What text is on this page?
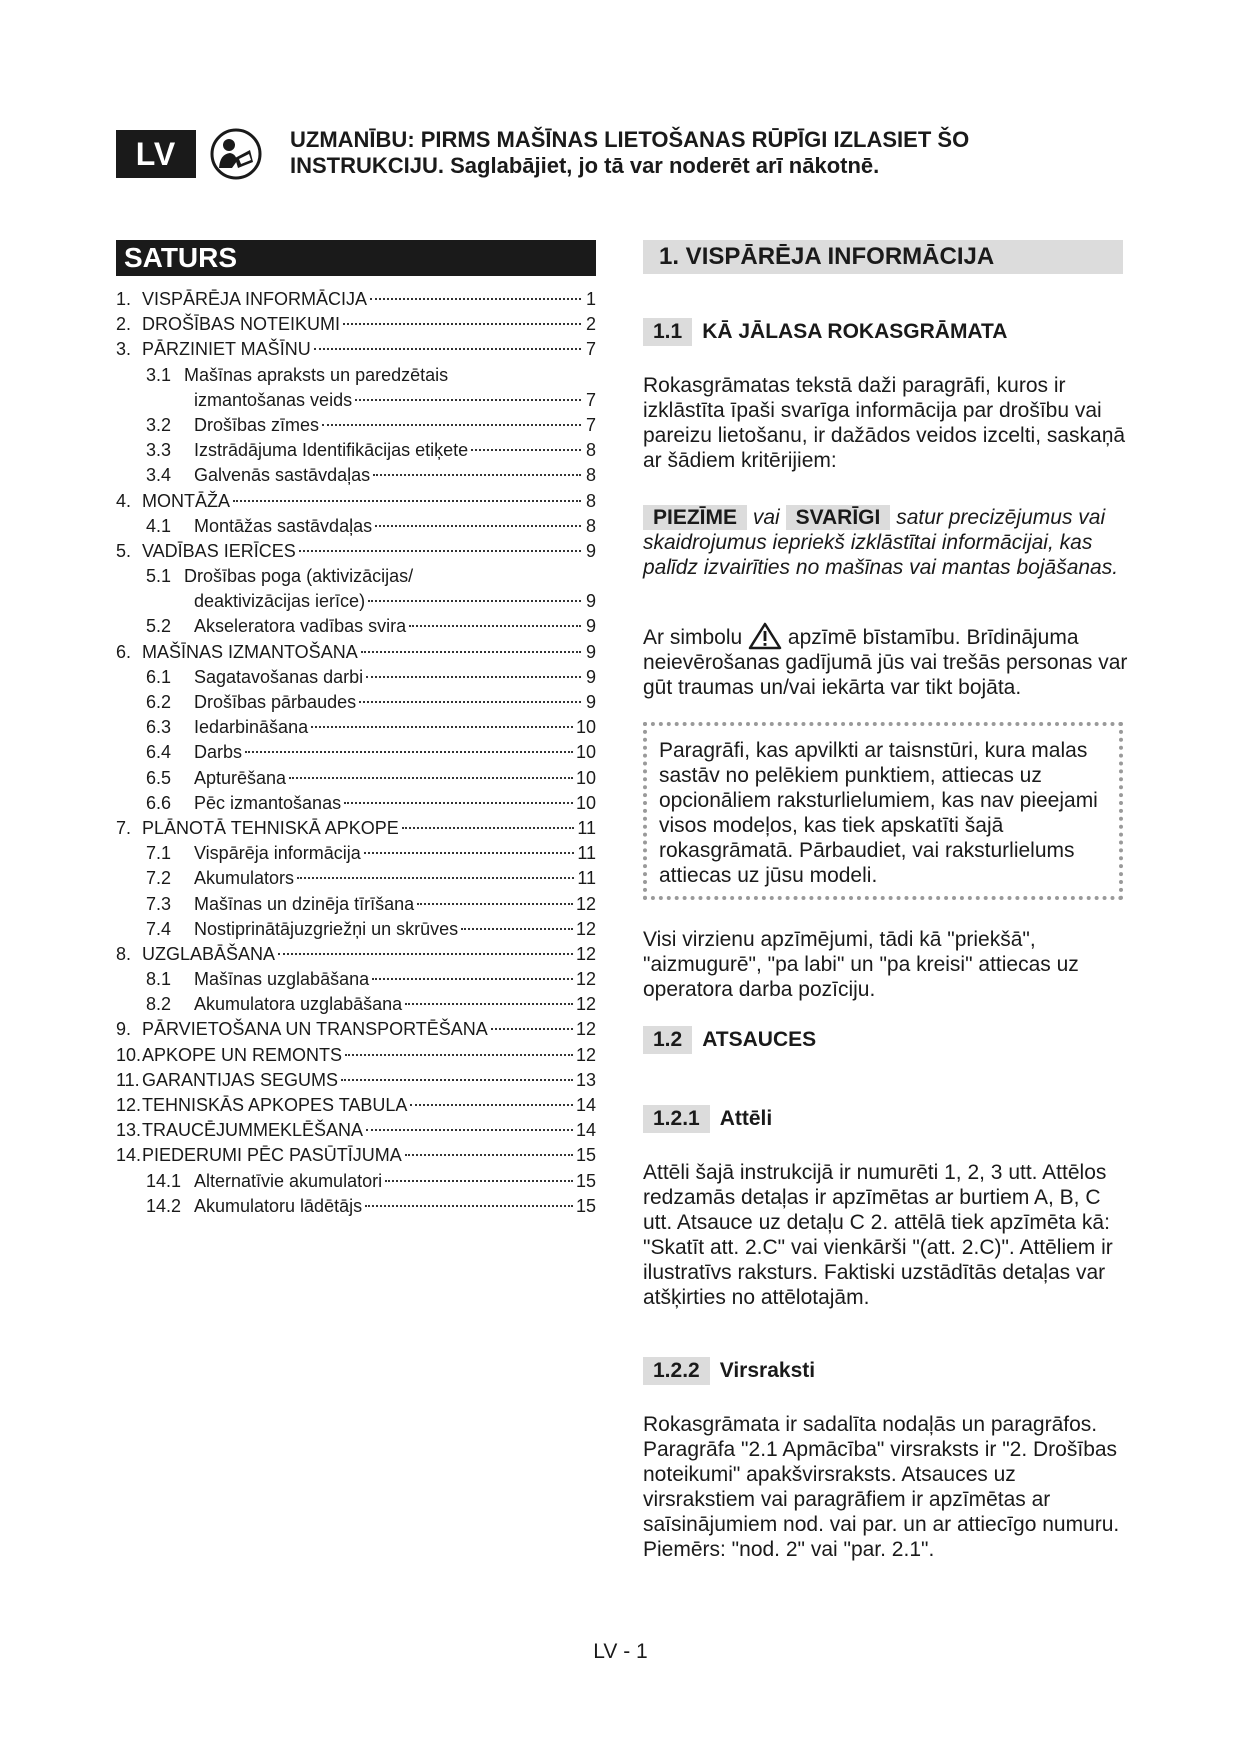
LV	UZMANĪBU: PIRMS MAŠĪNAS LIETOŠANAS RŪPĪGI IZLASIET ŠO
INSTRUKCIJU. Saglabājiet, jo tā var noderēt arī nākotnē.
SATURS
1. VISPĀRĒJA INFORMĀCIJA	1
2. DROŠĪBAS NOTEIKUMI	2
3. PĀRZINIET MAŠĪNU	7
3.1 Mašīnas apraksts un paredzētais
izmantošanas veids	7
3.2	Drošības zīmes	7
3.3	Izstrādājuma Identifikācijas etiķete	8
3.4	Galvenās sastāvdaļas	8
4. MONTĀŽA	8
4.1	Montāžas sastāvdaļas	8
5. VADĪBAS IERĪCES	9
5.1 Drošības poga (aktivizācijas/
deaktivizācijas ierīce)	9
5.2	Akseleratora vadības svira	9
6. MAŠĪNAS IZMANTOŠANA	9
6.1	Sagatavošanas darbi	9
6.2	Drošības pārbaudes	9
6.3	Iedarbināšana	10
6.4	Darbs	10
6.5	Apturēšana	10
6.6	Pēc izmantošanas	10
7. PLĀNOTĀ TEHNISKĀ APKOPE	11
7.1	Vispārēja informācija	11
7.2	Akumulators	11
7.3	Mašīnas un dzinēja tīrīšana	12
7.4	Nostiprinātājuzgriežņi un skrūves	12
8. UZGLABĀŠANA	12
8.1	Mašīnas uzglabāšana	12
8.2	Akumulatora uzglabāšana	12
9. PĀRVIETOŠANA UN TRANSPORTĒŠANA	12
10. APKOPE UN REMONTS	12
11. GARANTIJAS SEGUMS	13
12. TEHNISKĀS APKOPES TABULA	14
13. TRAUCĒJUMMEKLĒŠANA	14
14. PIEDERUMI PĒC PASŪTĪJUMA	15
14.1 Alternatīvie akumulatori	15
14.2 Akumulatoru lādētājs	15
1. VISPĀRĒJA INFORMĀCIJA
1.1 KĀ JĀLASA ROKASGRĀMATA

Rokasgrāmatas tekstā daži paragrāfi, kuros ir izklāstīta īpaši svarīga informācija par drošību vai pareizu lietošanu, ir dažādos veidos izcelti, saskaņā ar šādiem kritērijiem:

PIEZĪME vai SVARĪGI satur precizējumus vai skaidrojumus iepriekš izklāstītai informācijai, kas palīdz izvairīties no mašīnas vai mantas bojāšanas.

Ar simbolu apzīmē bīstamību. Brīdinājuma neievērošanas gadījumā jūs vai trešās personas var gūt traumas un/vai iekārta var tikt bojāta.

Paragrāfi, kas apvilkti ar taisnstūri, kura malas sastāv no pelēkiem punktiem, attiecas uz opcionāliem raksturlielumiem, kas nav pieejami visos modeļos, kas tiek apskatīti šajā rokasgrāmatā. Pārbaudiet, vai raksturlielums attiecas uz jūsu modeli.

Visi virzienu apzīmējumi, tādi kā "priekšā", "aizmugurē", "pa labi" un "pa kreisi" attiecas uz operatora darba pozīciju.

1.2 ATSAUCES
1.2.1 Attēli

Attēli šajā instrukcijā ir numurēti 1, 2, 3 utt. Attēlos redzamās detaļas ir apzīmētas ar burtiem A, B, C utt. Atsauce uz detaļu C 2. attēlā tiek apzīmēta kā: "Skatīt att. 2.C" vai vienkārši "(att. 2.C)". Attēliem ir ilustratīvs raksturs. Faktiski uzstādītās detaļas var atšķirties no attēlotajām.

1.2.2 Virsraksti

Rokasgrāmata ir sadalīta nodaļās un paragrāfos. Paragrāfa "2.1 Apmācība" virsraksts ir "2. Drošības noteikumi" apakšvirsraksts. Atsauces uz virsrakstiem vai paragrāfiem ir apzīmētas ar saīsinājumiem nod. vai par. un ar attiecīgo numuru. Piemērs: "nod. 2" vai "par. 2.1".

LV - 1
